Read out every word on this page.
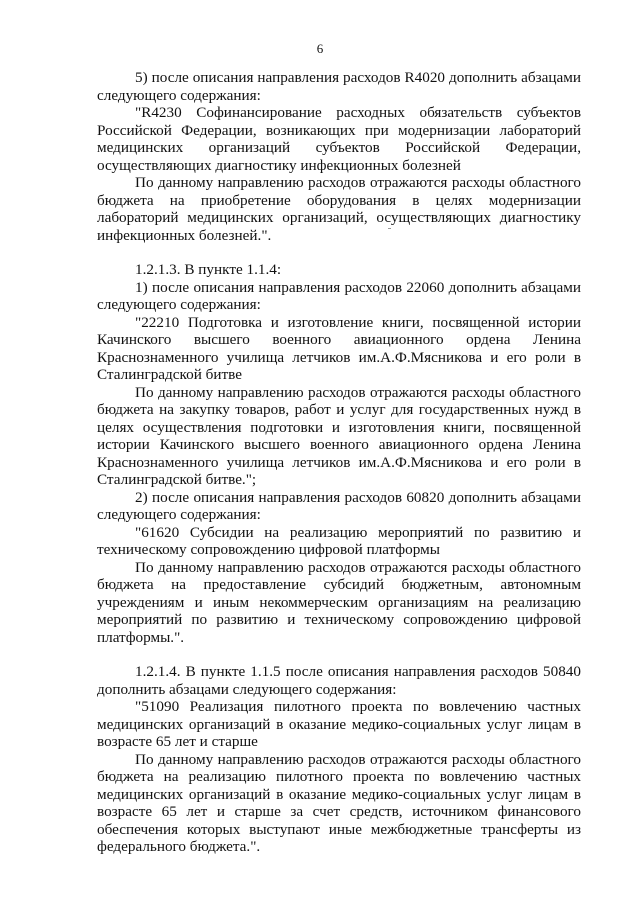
6

5) после описания направления расходов R4020 дополнить абзацами следующего содержания:

"R4230 Софинансирование расходных обязательств субъектов Российской Федерации, возникающих при модернизации лабораторий медицинских организаций субъектов Российской Федерации, осуществляющих диагностику инфекционных болезней

По данному направлению расходов отражаются расходы областного бюджета на приобретение оборудования в целях модернизации лабораторий медицинских организаций, осуществляющих диагностику инфекционных болезней.".

1.2.1.3. В пункте 1.1.4:

1) после описания направления расходов 22060 дополнить абзацами следующего содержания:

"22210 Подготовка и изготовление книги, посвященной истории Качинского высшего военного авиационного ордена Ленина Краснознаменного училища летчиков им.А.Ф.Мясникова и его роли в Сталинградской битве

По данному направлению расходов отражаются расходы областного бюджета на закупку товаров, работ и услуг для государственных нужд в целях осуществления подготовки и изготовления книги, посвященной истории Качинского высшего военного авиационного ордена Ленина Краснознаменного училища летчиков им.А.Ф.Мясникова и его роли в Сталинградской битве.";

2) после описания направления расходов 60820 дополнить абзацами следующего содержания:

"61620 Субсидии на реализацию мероприятий по развитию и техническому сопровождению цифровой платформы

По данному направлению расходов отражаются расходы областного бюджета на предоставление субсидий бюджетным, автономным учреждениям и иным некоммерческим организациям на реализацию мероприятий по развитию и техническому сопровождению цифровой платформы.".

1.2.1.4. В пункте 1.1.5 после описания направления расходов 50840 дополнить абзацами следующего содержания:

"51090 Реализация пилотного проекта по вовлечению частных медицинских организаций в оказание медико-социальных услуг лицам в возрасте 65 лет и старше

По данному направлению расходов отражаются расходы областного бюджета на реализацию пилотного проекта по вовлечению частных медицинских организаций в оказание медико-социальных услуг лицам в возрасте 65 лет и старше за счет средств, источником финансового обеспечения которых выступают иные межбюджетные трансферты из федерального бюджета.".
